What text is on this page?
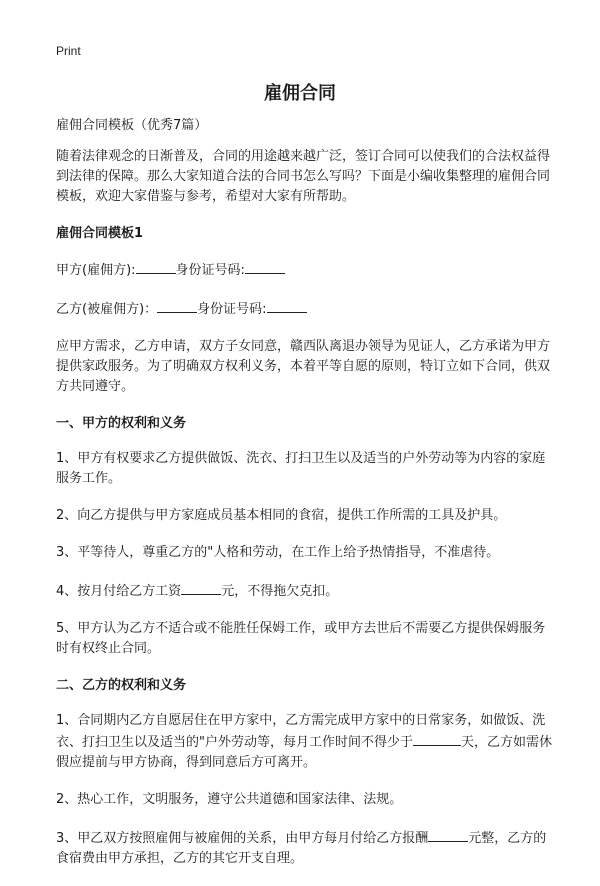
Print
雇佣合同

雇佣合同模板（优秀7篇）

随着法律观念的日渐普及，合同的用途越来越广泛，签订合同可以使我们的合法权益得到法律的保障。那么大家知道合法的合同书怎么写吗？下面是小编收集整理的雇佣合同模板，欢迎大家借鉴与参考，希望对大家有所帮助。

雇佣合同模板1

甲方(雇佣方):	身份证号码:

乙方(被雇佣方)：	身份证号码:

应甲方需求，乙方申请，双方子女同意，赣西队离退办领导为见证人，乙方承诺为甲方提供家政服务。为了明确双方权利义务，本着平等自愿的原则，特订立如下合同，供双方共同遵守。

一、甲方的权利和义务

1、甲方有权要求乙方提供做饭、洗衣、打扫卫生以及适当的户外劳动等为内容的家庭服务工作。

2、向乙方提供与甲方家庭成员基本相同的食宿，提供工作所需的工具及护具。

3、平等待人，尊重乙方的"人格和劳动，在工作上给予热情指导，不准虐待。

4、按月付给乙方工资	元，不得拖欠克扣。

5、甲方认为乙方不适合或不能胜任保姆工作，或甲方去世后不需要乙方提供保姆服务时有权终止合同。

二、乙方的权利和义务

1、合同期内乙方自愿居住在甲方家中，乙方需完成甲方家中的日常家务，如做饭、洗衣、打扫卫生以及适当的"户外劳动等，每月工作时间不得少于	天，乙方如需休假应提前与甲方协商，得到同意后方可离开。

2、热心工作，文明服务，遵守公共道德和国家法律、法规。

3、甲乙双方按照雇佣与被雇佣的关系，由甲方每月付给乙方报酬	元整，乙方的食宿费由甲方承担，乙方的其它开支自理。
